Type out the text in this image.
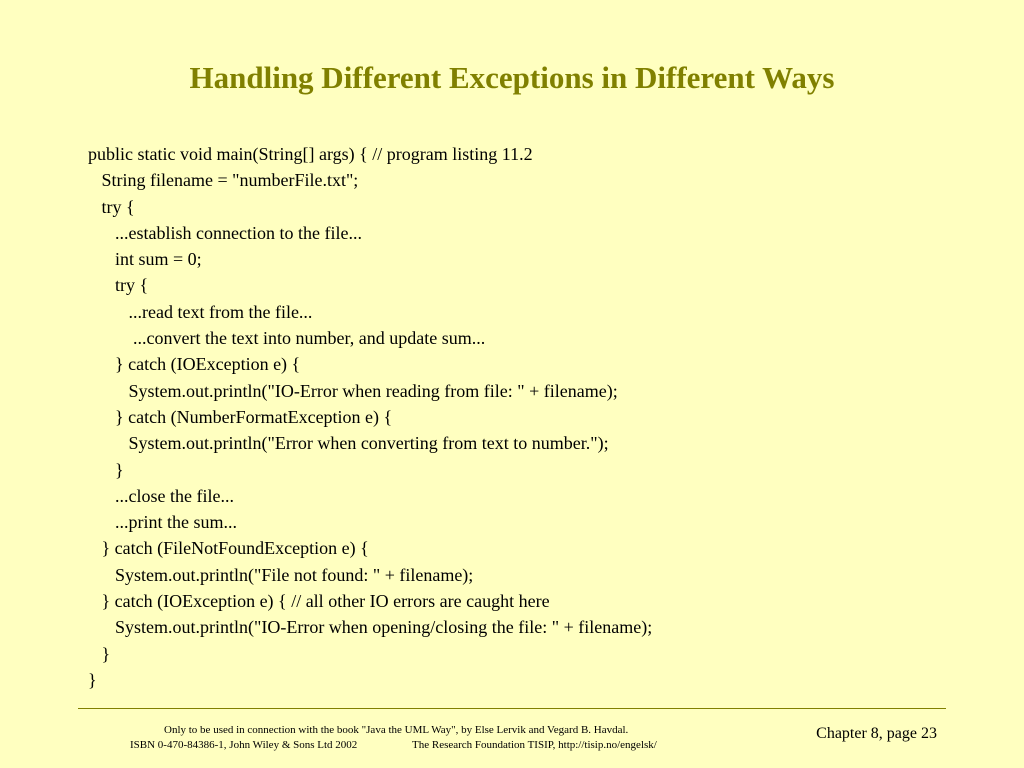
Handling Different Exceptions in Different Ways
public static void main(String[] args) { // program listing 11.2
String filename = "numberFile.txt";
try {
...establish connection to the file...
int sum = 0;
try {
...read text from the file...
...convert the text into number, and update sum...
} catch (IOException e) {
System.out.println("IO-Error when reading from file: " + filename);
} catch (NumberFormatException e) {
System.out.println("Error when converting from text to number.");
}
...close the file...
...print the sum...
} catch (FileNotFoundException e) {
System.out.println("File not found: " + filename);
} catch (IOException e) { // all other IO errors are caught here
System.out.println("IO-Error when opening/closing the file: " + filename);
}
}
Only to be used in connection with the book "Java the UML Way", by Else Lervik and Vegard B. Havdal.
ISBN 0-470-84386-1, John Wiley & Sons Ltd 2002	The Research Foundation TISIP, http://tisip.no/engelsk/
Chapter 8, page 23
